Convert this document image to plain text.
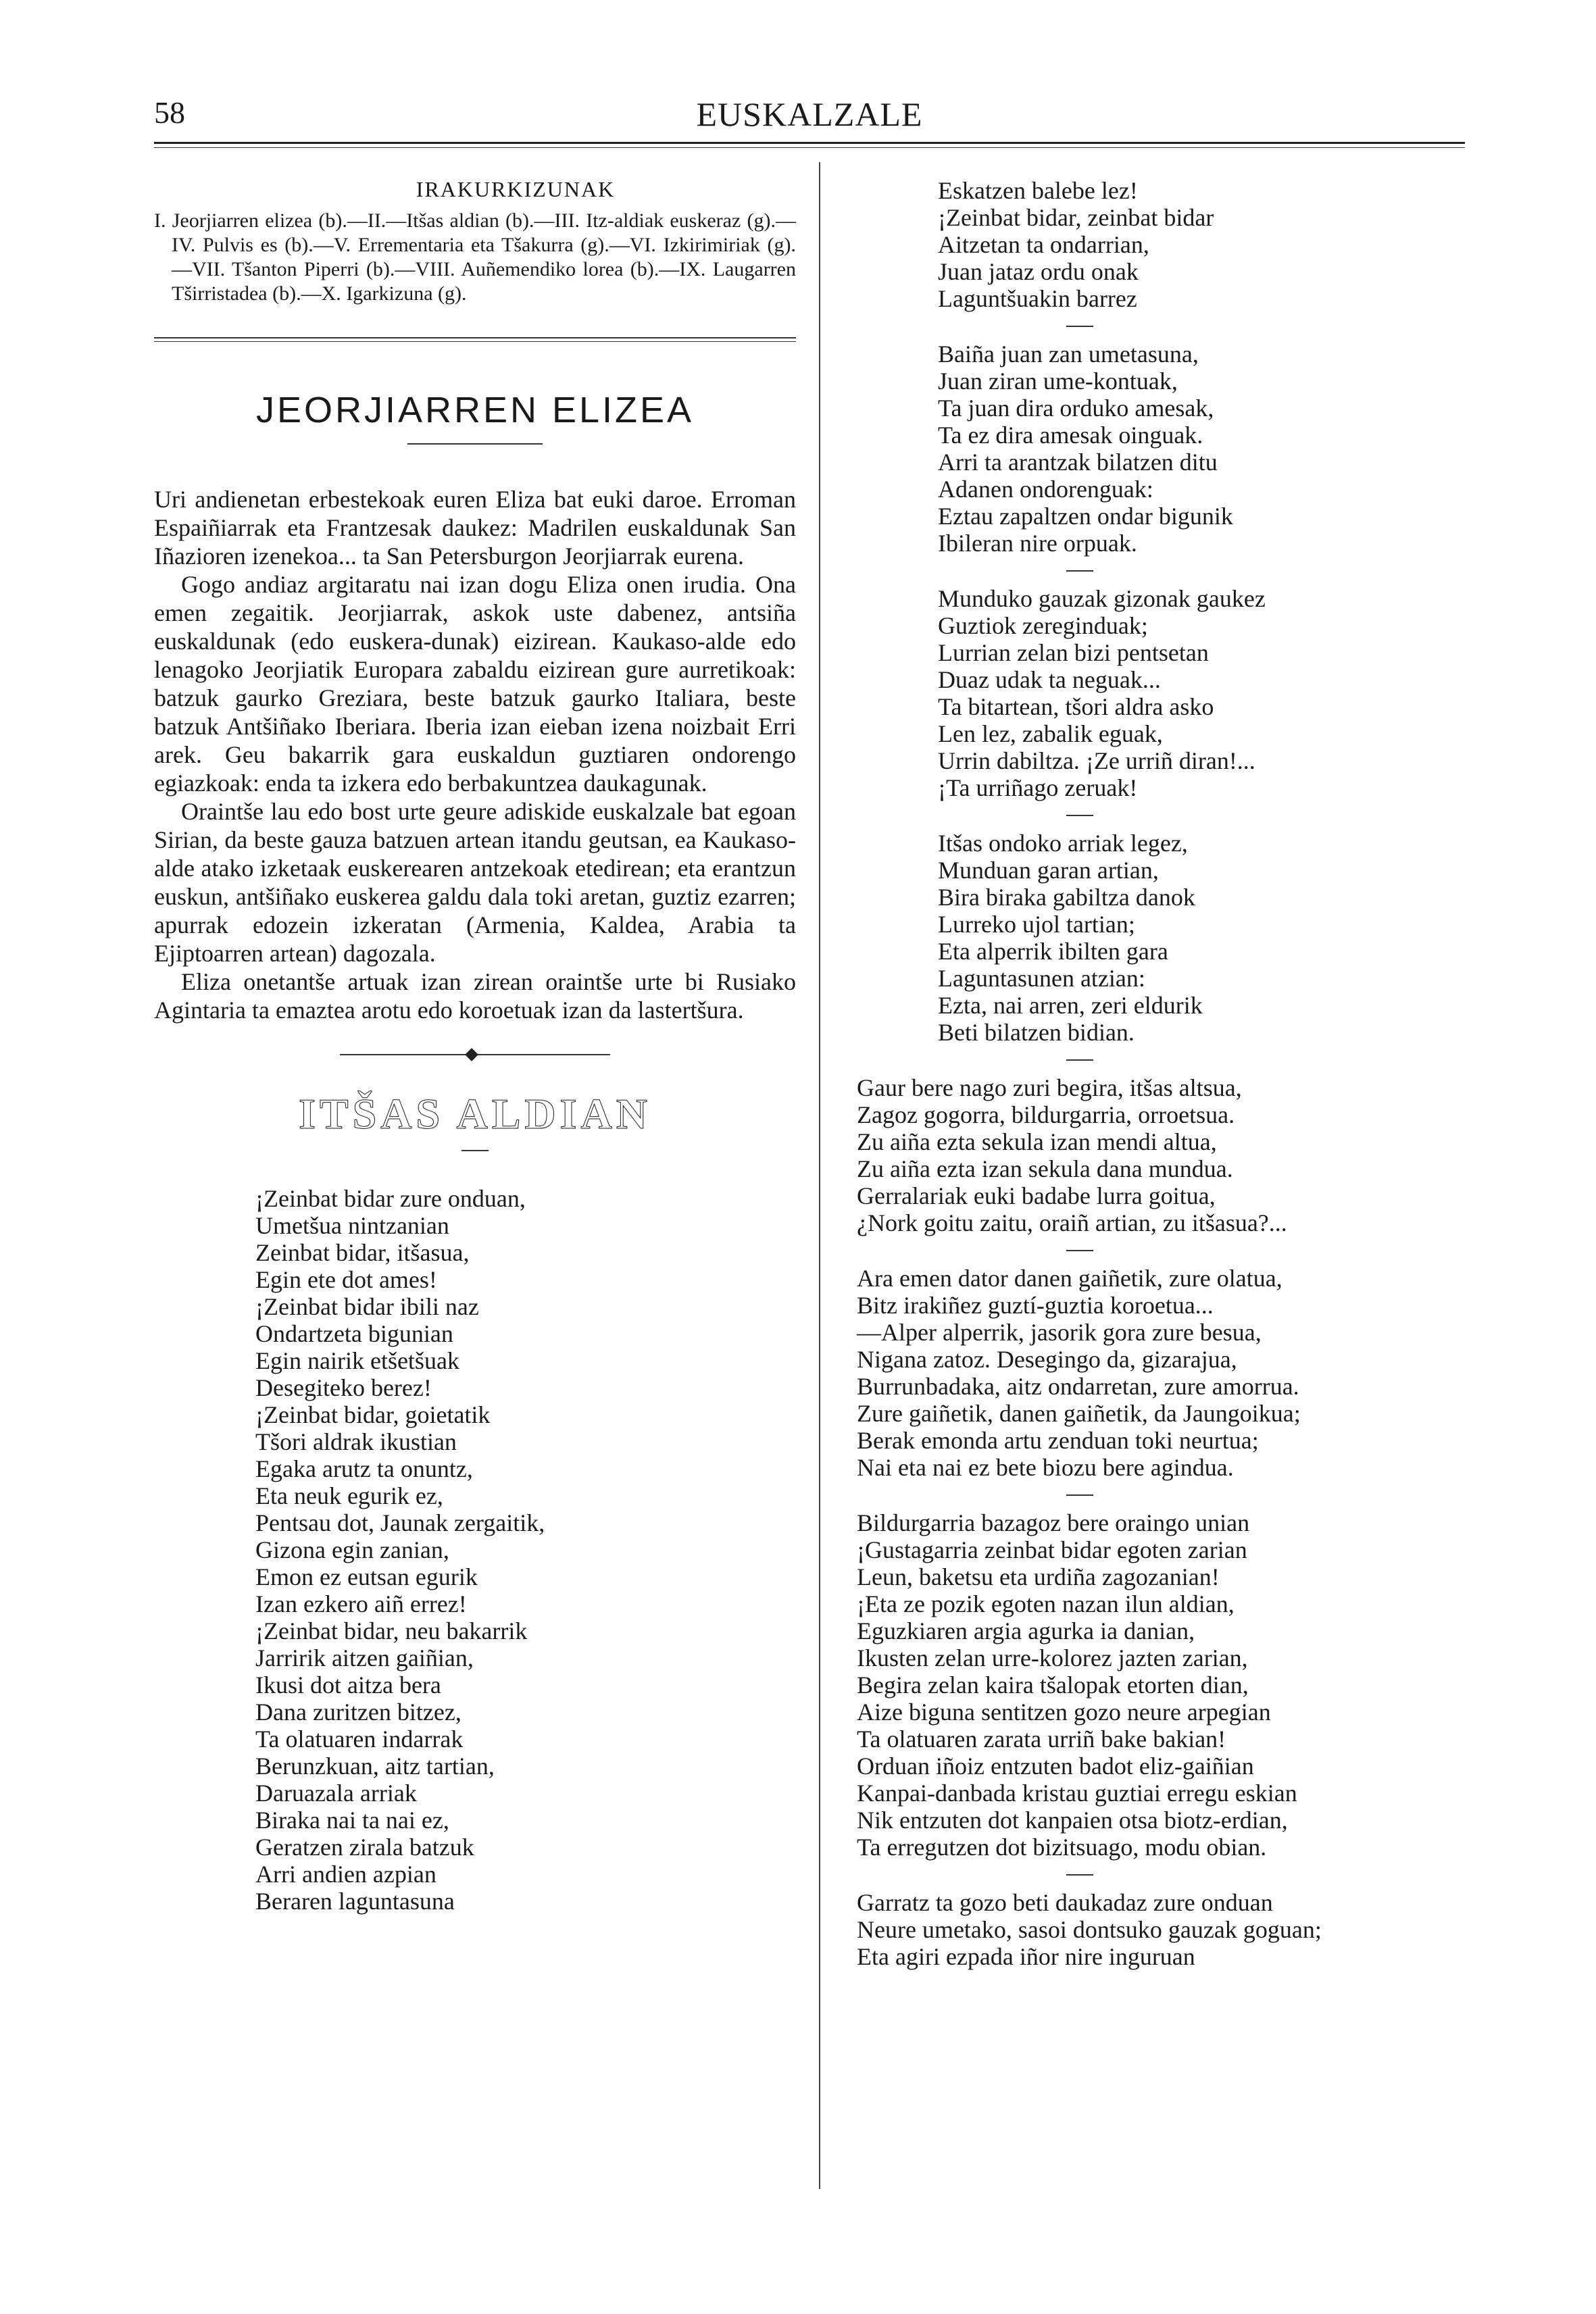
58	EUSKALZALE
IRAKURKIZUNAK

I. Jeorjiarren elizea (b).—II.—Itšas aldian (b).—III. Itz-aldiak euskeraz (g).—IV. Pulvis es (b).—V. Errementaria eta Tšakurra (g).—VI. Izkirimiriak (g).—VII. Tšanton Piperri (b).—VIII. Auñemendiko lorea (b).—IX. Laugarren Tširristadea (b).—X. Igarkizuna (g).

JEORJIARREN ELIZEA

Uri andienetan erbestekoak euren Eliza bat euki daroe. Erroman Espaiñiarrak eta Frantzesak daukez: Madrilen euskaldunak San Iñazioren izenekoa... ta San Petersburgon Jeorjiarrak eurena.

Gogo andiaz argitaratu nai izan dogu Eliza onen irudia. Ona emen zegaitik. Jeorjiarrak, askok uste dabenez, antsiña euskaldunak (edo euskera-dunak) eizirean. Kaukaso-alde edo lenagoko Jeorjiatik Europara zabaldu eizirean gure aurretikoak: batzuk gaurko Greziara, beste batzuk gaurko Italiara, beste batzuk Antšiñako Iberiara. Iberia izan eieban izena noizbait Erri arek. Geu bakarrik gara euskaldun guztiaren ondorengo egiazkoak: enda ta izkera edo berbakuntzea daukagunak.

Oraintše lau edo bost urte geure adiskide euskalzale bat egoan Sirian, da beste gauza batzuen artean itandu geutsan, ea Kaukaso-alde atako izketaak euskerearen antzekoak etedirean; eta erantzun euskun, antšiñako euskerea galdu dala toki aretan, guztiz ezarren; apurrak edozein izkeratan (Armenia, Kaldea, Arabia ta Ejiptoarren artean) dagozala.

Eliza onetantše artuak izan zirean oraintše urte bi Rusiako Agintaria ta emaztea arotu edo koroetuak izan da lastertšura.

ITŠAS ALDIAN
¡Zeinbat bidar zure onduan,
Umetšua nintzanian
Zeinbat bidar, itšasua,
Egin ete dot ames!
¡Zeinbat bidar ibili naz
Ondartzeta bigunian
Egin nairik etšetšuak
Desegiteko berez!
¡Zeinbat bidar, goietatik
Tšori aldrak ikustian
Egaka arutz ta onuntz,
Eta neuk egurik ez,
Pentsau dot, Jaunak zergaitik,
Gizona egin zanian,
Emon ez eutsan egurik
Izan ezkero aiñ errez!
¡Zeinbat bidar, neu bakarrik
Jarririk aitzen gaiñian,
Ikusi dot aitza bera
Dana zuritzen bitzez,
Ta olatuaren indarrak
Berunzkuan, aitz tartian,
Daruazala arriak
Biraka nai ta nai ez,
Geratzen zirala batzuk
Arri andien azpian
Beraren laguntasuna
Eskatzen balebe lez!
¡Zeinbat bidar, zeinbat bidar
Aitzetan ta ondarrian,
Juan jataz ordu onak
Laguntšuakin barrez
Baiña juan zan umetasuna,
Juan ziran ume-kontuak,
Ta juan dira orduko amesak,
Ta ez dira amesak oinguak.
Arri ta arantzak bilatzen ditu
Adanen ondorenguak:
Eztau zapaltzen ondar bigunik
Ibileran nire orpuak.
Munduko gauzak gizonak gaukez
Guztiok zereginduak;
Lurrian zelan bizi pentsetan
Duaz udak ta neguak...
Ta bitartean, tšori aldra asko
Len lez, zabalik eguak,
Urrin dabiltza. ¡Ze urriñ diran!...
¡Ta urriñago zeruak!
Itšas ondoko arriak legez,
Munduan garan artian,
Bira biraka gabiltza danok
Lurreko ujol tartian;
Eta alperrik ibilten gara
Laguntasunen atzian:
Ezta, nai arren, zeri eldurik
Beti bilatzen bidian.
Gaur bere nago zuri begira, itšas altsua,
Zagoz gogorra, bildurgarria, orroetsua.
Zu aiña ezta sekula izan mendi altua,
Zu aiña ezta izan sekula dana mundua.
Gerralariak euki badabe lurra goitua,
¿Nork goitu zaitu, oraiñ artian, zu itšasua?...
Ara emen dator danen gaiñetik, zure olatua,
Bitz irakiñez guztí-guztia koroetua...
—Alper alperrik, jasorik gora zure besua,
Nigana zatoz. Desegingo da, gizarajua,
Burrunbadaka, aitz ondarretan, zure amorrua.
Zure gaiñetik, danen gaiñetik, da Jaungoikua;
Berak emonda artu zenduan toki neurtua;
Nai eta nai ez bete biozu bere agindua.
Bildurgarria bazagoz bere oraingo unian
¡Gustagarria zeinbat bidar egoten zarian
Leun, baketsu eta urdiña zagozanian!
¡Eta ze pozik egoten nazan ilun aldian,
Eguzkiaren argia agurka ia danian,
Ikusten zelan urre-kolorez jazten zarian,
Begira zelan kaira tšalopak etorten dian,
Aize biguna sentitzen gozo neure arpegian
Ta olatuaren zarata urriñ bake bakian!
Orduan iñoiz entzuten badot eliz-gaiñian
Kanpai-danbada kristau guztiai erregu eskian
Nik entzuten dot kanpaien otsa biotz-erdian,
Ta erregutzen dot bizitsuago, modu obian.
Garratz ta gozo beti daukadaz zure onduan
Neure umetako, sasoi dontsuko gauzak goguan;
Eta agiri ezpada iñor nire inguruan
